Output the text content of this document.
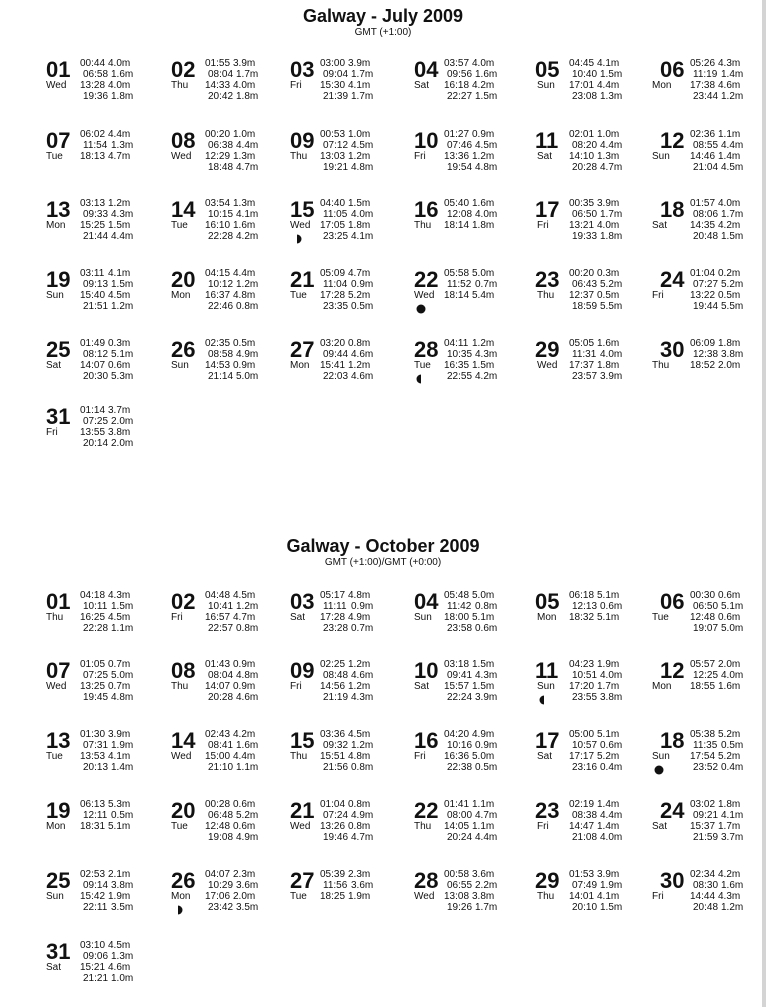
Galway - July 2009
GMT (+1:00)
01
Wed
00:44 4.0m
06:58 1.6m
13:28 4.0m
19:36 1.8m
02
Thu
01:55 3.9m
08:04 1.7m
14:33 4.0m
20:42 1.8m
03
Fri
03:00 3.9m
09:04 1.7m
15:30 4.1m
21:39 1.7m
04
Sat
03:57 4.0m
09:56 1.6m
16:18 4.2m
22:27 1.5m
05
Sun
04:45 4.1m
10:40 1.5m
17:01 4.4m
23:08 1.3m
06
Mon
05:26 4.3m
11:19 1.4m
17:38 4.6m
23:44 1.2m
07
Tue
06:02 4.4m
11:54 1.3m
18:13 4.7m
08
Wed
00:20 1.0m
06:38 4.4m
12:29 1.3m
18:48 4.7m
09
Thu
00:53 1.0m
07:12 4.5m
13:03 1.2m
19:21 4.8m
10
Fri
01:27 0.9m
07:46 4.5m
13:36 1.2m
19:54 4.8m
11
Sat
02:01 1.0m
08:20 4.4m
14:10 1.3m
20:28 4.7m
12
Sun
02:36 1.1m
08:55 4.4m
14:46 1.4m
21:04 4.5m
13
Mon
03:13 1.2m
09:33 4.3m
15:25 1.5m
21:44 4.4m
14
Tue
03:54 1.3m
10:15 4.1m
16:10 1.6m
22:28 4.2m
15
Wed
04:40 1.5m
11:05 4.0m
17:05 1.8m
23:25 4.1m
16
Thu
05:40 1.6m
12:08 4.0m
18:14 1.8m
17
Fri
00:35 3.9m
06:50 1.7m
13:21 4.0m
19:33 1.8m
18
Sat
01:57 4.0m
08:06 1.7m
14:35 4.2m
20:48 1.5m
19
Sun
03:11 4.1m
09:13 1.5m
15:40 4.5m
21:51 1.2m
20
Mon
04:15 4.4m
10:12 1.2m
16:37 4.8m
22:46 0.8m
21
Tue
05:09 4.7m
11:04 0.9m
17:28 5.2m
23:35 0.5m
22
Wed
05:58 5.0m
11:52 0.7m
18:14 5.4m
23
Thu
00:20 0.3m
06:43 5.2m
12:37 0.5m
18:59 5.5m
24
Fri
01:04 0.2m
07:27 5.2m
13:22 0.5m
19:44 5.5m
25
Sat
01:49 0.3m
08:12 5.1m
14:07 0.6m
20:30 5.3m
26
Sun
02:35 0.5m
08:58 4.9m
14:53 0.9m
21:14 5.0m
27
Mon
03:20 0.8m
09:44 4.6m
15:41 1.2m
22:03 4.6m
28
Tue
04:11 1.2m
10:35 4.3m
16:35 1.5m
22:55 4.2m
29
Wed
05:05 1.6m
11:31 4.0m
17:37 1.8m
23:57 3.9m
30
Thu
06:09 1.8m
12:38 3.8m
18:52 2.0m
31
Fri
01:14 3.7m
07:25 2.0m
13:55 3.8m
20:14 2.0m
Galway - October 2009
GMT (+1:00)/GMT (+0:00)
01
Thu
04:18 4.3m
10:11 1.5m
16:25 4.5m
22:28 1.1m
02
Fri
04:48 4.5m
10:41 1.2m
16:57 4.7m
22:57 0.8m
03
Sat
05:17 4.8m
11:11 0.9m
17:28 4.9m
23:28 0.7m
04
Sun
05:48 5.0m
11:42 0.8m
18:00 5.1m
23:58 0.6m
05
Mon
06:18 5.1m
12:13 0.6m
18:32 5.1m
06
Tue
00:30 0.6m
06:50 5.1m
12:48 0.6m
19:07 5.0m
07
Wed
01:05 0.7m
07:25 5.0m
13:25 0.7m
19:45 4.8m
08
Thu
01:43 0.9m
08:04 4.8m
14:07 0.9m
20:28 4.6m
09
Fri
02:25 1.2m
08:48 4.6m
14:56 1.2m
21:19 4.3m
10
Sat
03:18 1.5m
09:41 4.3m
15:57 1.5m
22:24 3.9m
11
Sun
04:23 1.9m
10:51 4.0m
17:20 1.7m
23:55 3.8m
12
Mon
05:57 2.0m
12:25 4.0m
18:55 1.6m
13
Tue
01:30 3.9m
07:31 1.9m
13:53 4.1m
20:13 1.4m
14
Wed
02:43 4.2m
08:41 1.6m
15:00 4.4m
21:10 1.1m
15
Thu
03:36 4.5m
09:32 1.2m
15:51 4.8m
21:56 0.8m
16
Fri
04:20 4.9m
10:16 0.9m
16:36 5.0m
22:38 0.5m
17
Sat
05:00 5.1m
10:57 0.6m
17:17 5.2m
23:16 0.4m
18
Sun
05:38 5.2m
11:35 0.5m
17:54 5.2m
23:52 0.4m
19
Mon
06:13 5.3m
12:11 0.5m
18:31 5.1m
20
Tue
00:28 0.6m
06:48 5.2m
12:48 0.6m
19:08 4.9m
21
Wed
01:04 0.8m
07:24 4.9m
13:26 0.8m
19:46 4.7m
22
Thu
01:41 1.1m
08:00 4.7m
14:05 1.1m
20:24 4.4m
23
Fri
02:19 1.4m
08:38 4.4m
14:47 1.4m
21:08 4.0m
24
Sat
03:02 1.8m
09:21 4.1m
15:37 1.7m
21:59 3.7m
25
Sun
02:53 2.1m
09:14 3.8m
15:42 1.9m
22:11 3.5m
26
Mon
04:07 2.3m
10:29 3.6m
17:06 2.0m
23:42 3.5m
27
Tue
05:39 2.3m
11:56 3.6m
18:25 1.9m
28
Wed
00:58 3.6m
06:55 2.2m
13:08 3.8m
19:26 1.7m
29
Thu
01:53 3.9m
07:49 1.9m
14:01 4.1m
20:10 1.5m
30
Fri
02:34 4.2m
08:30 1.6m
14:44 4.3m
20:48 1.2m
31
Sat
03:10 4.5m
09:06 1.3m
15:21 4.6m
21:21 1.0m
